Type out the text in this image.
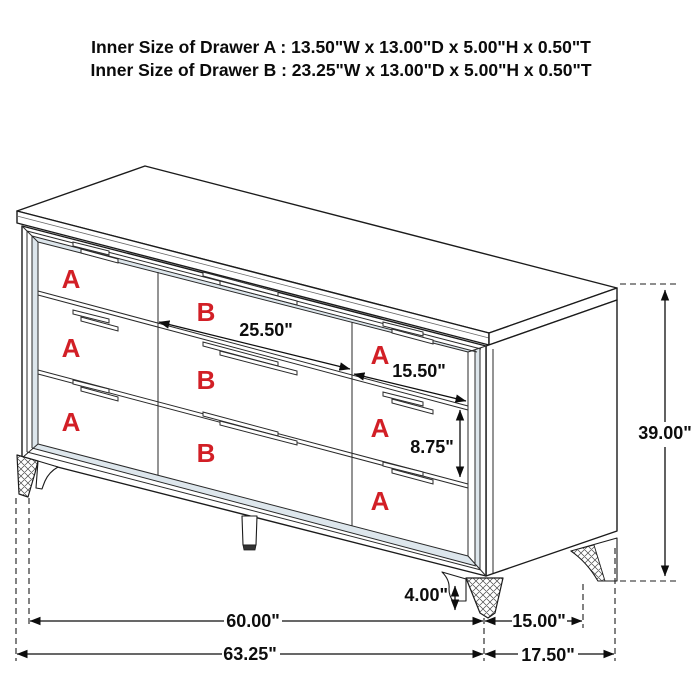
Inner Size of Drawer A : 13.50"W x 13.00"D x 5.00"H x 0.50"T
Inner Size of Drawer B : 23.25"W x 13.00"D x 5.00"H x 0.50"T
A
A
A
B
B
B
A
A
A
25.50"
15.50"
8.75"
39.00"
4.00"
60.00"	15.00"
63.25"	17.50"
